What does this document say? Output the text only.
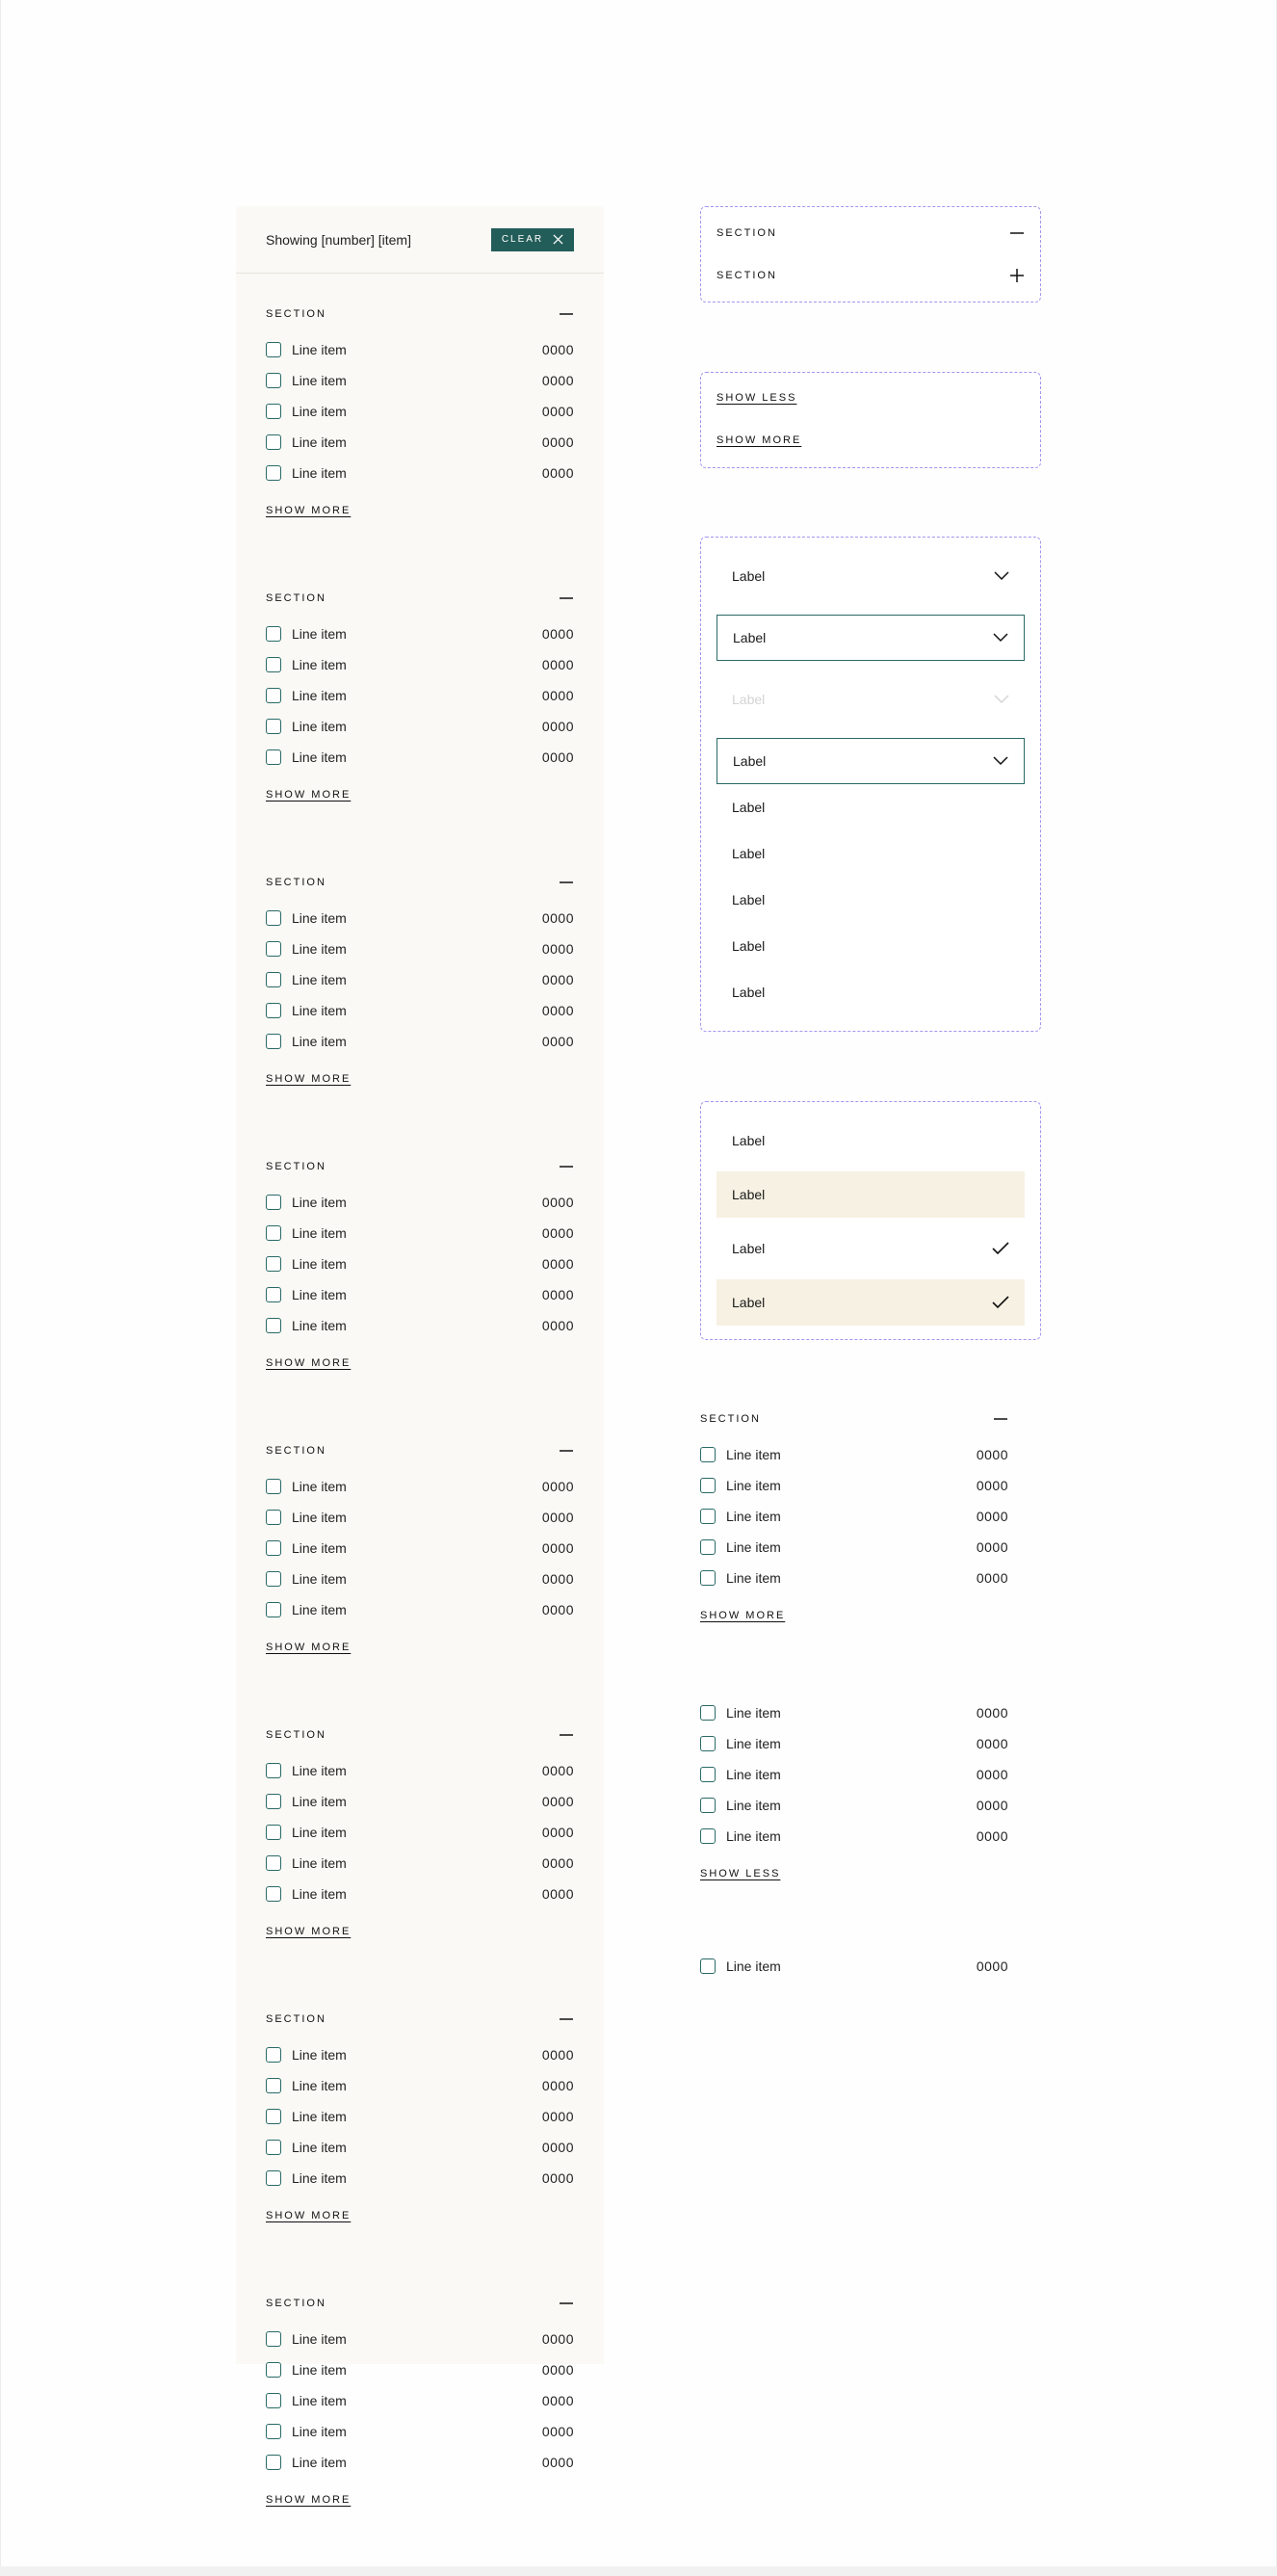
Showing [number] [item]	CLEAR
SECTION
Line item	0000
Line item	0000
Line item	0000
Line item	0000
Line item	0000
SHOW MORE
SECTION
Line item	0000
Line item	0000
Line item	0000
Line item	0000
Line item	0000
SHOW MORE
SECTION
Line item	0000
Line item	0000
Line item	0000
Line item	0000
Line item	0000
SHOW MORE
SECTION
Line item	0000
Line item	0000
Line item	0000
Line item	0000
Line item	0000
SHOW MORE
SECTION
Line item	0000
Line item	0000
Line item	0000
Line item	0000
Line item	0000
SHOW MORE
SECTION
Line item	0000
Line item	0000
Line item	0000
Line item	0000
Line item	0000
SHOW MORE
SECTION
Line item	0000
Line item	0000
Line item	0000
Line item	0000
Line item	0000
SHOW MORE
SECTION
Line item	0000
Line item	0000
Line item	0000
Line item	0000
Line item	0000
SHOW MORE
SECTION
SECTION
SHOW LESS
SHOW MORE
Label
Label
Label
Label
Label
Label
Label
Label
Label
Label
Label
Label
Label
SECTION
Line item	0000
Line item	0000
Line item	0000
Line item	0000
Line item	0000
SHOW MORE
Line item	0000
Line item	0000
Line item	0000
Line item	0000
Line item	0000
SHOW LESS
Line item	0000
